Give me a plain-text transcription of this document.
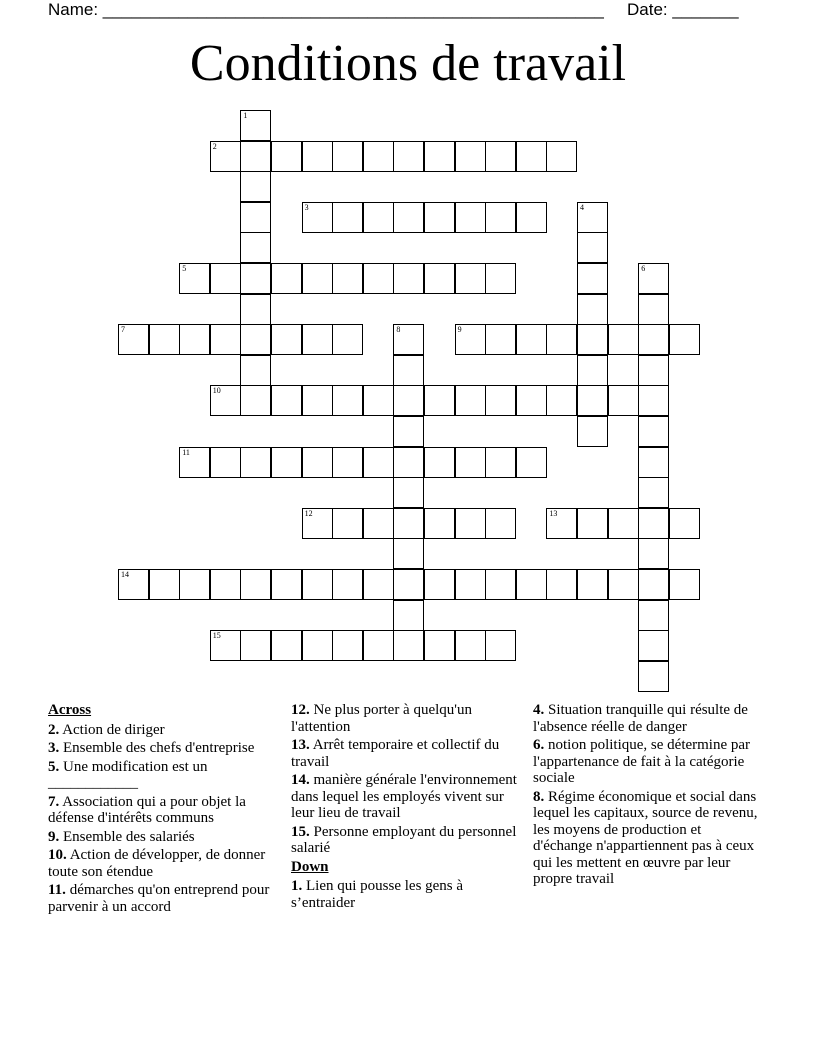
Name: _____________________________________________________ Date: _______
Conditions de travail
2
3
5
7	9
10
11
12	13
14
15
1
4
6
8
Across
2. Action de diriger
3. Ensemble des chefs d'entreprise
5. Une modification est un ____________
7. Association qui a pour objet la défense d'intérêts communs
9. Ensemble des salariés
10. Action de développer, de donner toute son étendue
11. démarches qu'on entreprend pour parvenir à un accord
12. Ne plus porter à quelqu'un l'attention
13. Arrêt temporaire et collectif du travail
14. manière générale l'environnement dans lequel les employés vivent sur leur lieu de travail
15. Personne employant du personnel salarié
Down
1. Lien qui pousse les gens à s’entraider
4. Situation tranquille qui résulte de l'absence réelle de danger
6. notion politique, se détermine par l'appartenance de fait à la catégorie sociale
8. Régime économique et social dans lequel les capitaux, source de revenu, les moyens de production et d'échange n'appartiennent pas à ceux qui les mettent en œuvre par leur propre travail
